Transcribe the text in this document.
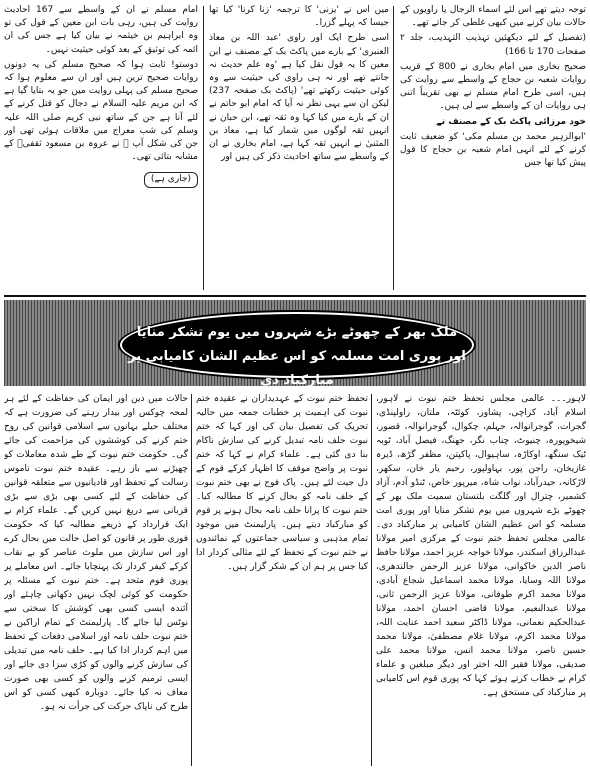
توجہ دیتے تھے اس لئے اسماء الرجال یا راویوں کے حالات بیان کرنے میں کبھی غلطی کر جاتے تھے۔

(تفصیل کے لئے دیکھئیں تہذیب التہذیب، جلد ۲ صفحات 170 تا 166)

صحیح بخاری میں امام بخاری نے 800 کے قریب روایات شعبہ بن حجاج کے واسطے سے روایت کی ہیں، اسی طرح امام مسلم نے بھی تقریباً اتنی ہی روایات ان کے واسطے سے لی ہیں۔

خود مرزائی پاکٹ بک کے مصنف نے

'ابوالزہیر محمد بن مسلم مکی' کو ضعیف ثابت کرنے کے لئے انہی امام شعبہ بن حجاج کا قول پیش کیا تھا جس

میں اس نے 'یزنی' کا ترجمہ 'زنا کرنا' کیا تھا جیسا کہ پہلے گزرا۔

اسی طرح ایک اور راوی 'عبد اللہ بن معاذ العنبری' کے بارے میں پاکٹ بک کے مصنف نے ابن معین کا یہ قول نقل کیا ہے 'وہ علم حدیث نہ جانتے تھے اور نہ ہی راوی کی حیثیت سے وہ کوئی حیثیت رکھتے تھے' (پاکٹ بک صفحہ 237) لیکن ان سے یہی نظر نہ آیا کہ امام ابو حاتم نے ان کے بارے میں کیا کہا وہ ثقہ تھے، ابن حبان نے انہیں ثقہ لوگوں میں شمار کیا ہے، معاذ بن المثنیٰ نے انہیں ثقہ کہا ہے، امام بخاری نے ان کے واسطے سے ساتھ احادیث ذکر کی ہیں اور

امام مسلم نے ان کے واسطے سے 167 احادیث روایت کی ہیں، رہی بات ابن معین کے قول کی تو وہ ابراہیم بن خیثمہ نے بیان کیا ہے جس کی ان ائمہ کی توثیق کے بعد کوئی حیثیت نہیں۔

دوستو! ثابت ہوا کہ صحیح مسلم کی یہ دونوں روایات صحیح ترین ہیں اور ان سے معلوم ہوا کہ صحیح مسلم کی پہلی روایت میں جو یہ بتایا گیا ہے کہ ابن مریم علیہ السلام نے دجال کو قتل کرنے کے لئے آنا ہے جن کے ساتھ نبی کریم صلی اللہ علیہ وسلم کی شب معراج میں ملاقات ہوئی تھی اور جن کی شکل آپ ﷺ نے عروہ بن مسعود ثقفیؓ کے مشابہ بتائی تھی۔

(جاری ہے)
ملک بھر کے چھوٹے بڑے شہروں میں یوم تشکر منایا
اور پوری امت مسلمہ کو اس عظیم الشان کامیابی پر مبارکباد دی

لاہور۔۔۔ عالمی مجلس تحفظ ختم نبوت نے لاہور، اسلام آباد، کراچی، پشاور، کوئٹہ، ملتان، راولپنڈی، گجرات، گوجرانوالہ، جہلم، چکوال، گوجرانوالہ، قصور، شیخوپورہ، چنیوٹ، چناب نگر، جھنگ، فیصل آباد، ٹوبہ ٹیک سنگھ، اوکاڑہ، ساہیوال، پاکپتن، مظفر گڑھ، ڈیرہ غازیخان، راجن پور، بہاولپور، رحیم یار خان، سکھر، لاڑکانہ، حیدرآباد، نواب شاہ، میرپور خاص، ٹنڈو آدم، آزاد کشمیر، چترال اور گلگت بلتستان سمیت ملک بھر کے چھوٹے بڑے شہروں میں یوم تشکر منایا اور پوری امت مسلمہ کو اس عظیم الشان کامیابی پر مبارکباد دی۔ عالمی مجلس تحفظ ختم نبوت کے مرکزی امیر مولانا عبدالرزاق اسکندر، مولانا خواجہ عزیز احمد، مولانا حافظ ناصر الدین خاکوانی، مولانا عزیز الرحمن جالندھری، مولانا اللہ وسایا، مولانا محمد اسماعیل شجاع آبادی، مولانا محمد اکرم طوفانی، مولانا عزیز الرحمن ثانی، مولانا عبدالنعیم، مولانا قاضی احسان احمد، مولانا عبدالحکیم نعمانی، مولانا ڈاکٹر سعید احمد عنایت اللہ، مولانا محمد اکرم، مولانا غلام مصطفیٰ، مولانا محمد حسین ناصر، مولانا محمد انس، مولانا محمد علی صدیقی، مولانا فقیر اللہ اختر اور دیگر مبلغین و علماء کرام نے خطاب کرتے ہوئے کہا کہ پوری قوم اس کامیابی پر مبارکباد کی مستحق ہے۔

تحفظ ختم نبوت کے عہدیداران نے عقیدہ ختم نبوت کی اہمیت پر خطبات جمعہ میں حالیہ تحریک کی تفصیل بیان کی اور کہا کہ ختم نبوت حلف نامہ تبدیل کرنے کی سازش ناکام بنا دی گئی ہے۔ علماء کرام نے کہا کہ ختم نبوت پر واضح موقف کا اظہار کرکے قوم کے دل جیت لئے ہیں۔ پاک فوج نے بھی ختم نبوت کے حلف نامہ کو بحال کرنے کا مطالبہ کیا۔ ختم نبوت کا پرانا حلف نامہ بحال ہونے پر قوم کو مبارکباد دیتے ہیں۔ پارلیمنٹ میں موجود تمام مذہبی و سیاسی جماعتوں کے نمائندوں نے ختم نبوت کے تحفظ کے لئے مثالی کردار ادا کیا جس پر ہم ان کے شکر گزار ہیں۔

حالات میں دین اور ایمان کی حفاظت کے لئے ہر لمحہ چوکس اور بیدار رہنے کی ضرورت ہے کہ مختلف حیلے بہانوں سے اسلامی قوانین کی روح ختم کرنے کی کوششوں کی مزاحمت کی جائے گی۔ حکومت ختم نبوت کے طے شدہ معاملات کو چھیڑنے سے باز رہے۔ عقیدہ ختم نبوت ناموس رسالت کے تحفظ اور قادیانیوں سے متعلقہ قوانین کی حفاظت کے لئے کسی بھی بڑی سے بڑی قربانی سے دریغ نہیں کریں گے۔ علماء کرام نے ایک قرارداد کے ذریعے مطالبہ کیا کہ حکومت فوری طور پر قانون کو اصل حالت میں بحال کرے اور اس سازش میں ملوث عناصر کو بے نقاب کرکے کیفر کردار تک پہنچایا جائے۔ اس معاملے پر پوری قوم متحد ہے۔ ختم نبوت کے مسئلہ پر حکومت کو کوئی لچک نہیں دکھانی چاہئے اور آئندہ ایسی کسی بھی کوشش کا سختی سے نوٹس لیا جائے گا۔ پارلیمنٹ کے تمام اراکین نے ختم نبوت حلف نامہ اور اسلامی دفعات کے تحفظ میں اہم کردار ادا کیا ہے۔ حلف نامہ میں تبدیلی کی سازش کرنے والوں کو کڑی سزا دی جائے اور ایسی ترمیم کرنے والوں کو کسی بھی صورت معاف نہ کیا جائے۔ دوبارہ کبھی کسی کو اس طرح کی ناپاک حرکت کی جرأت نہ ہو۔
